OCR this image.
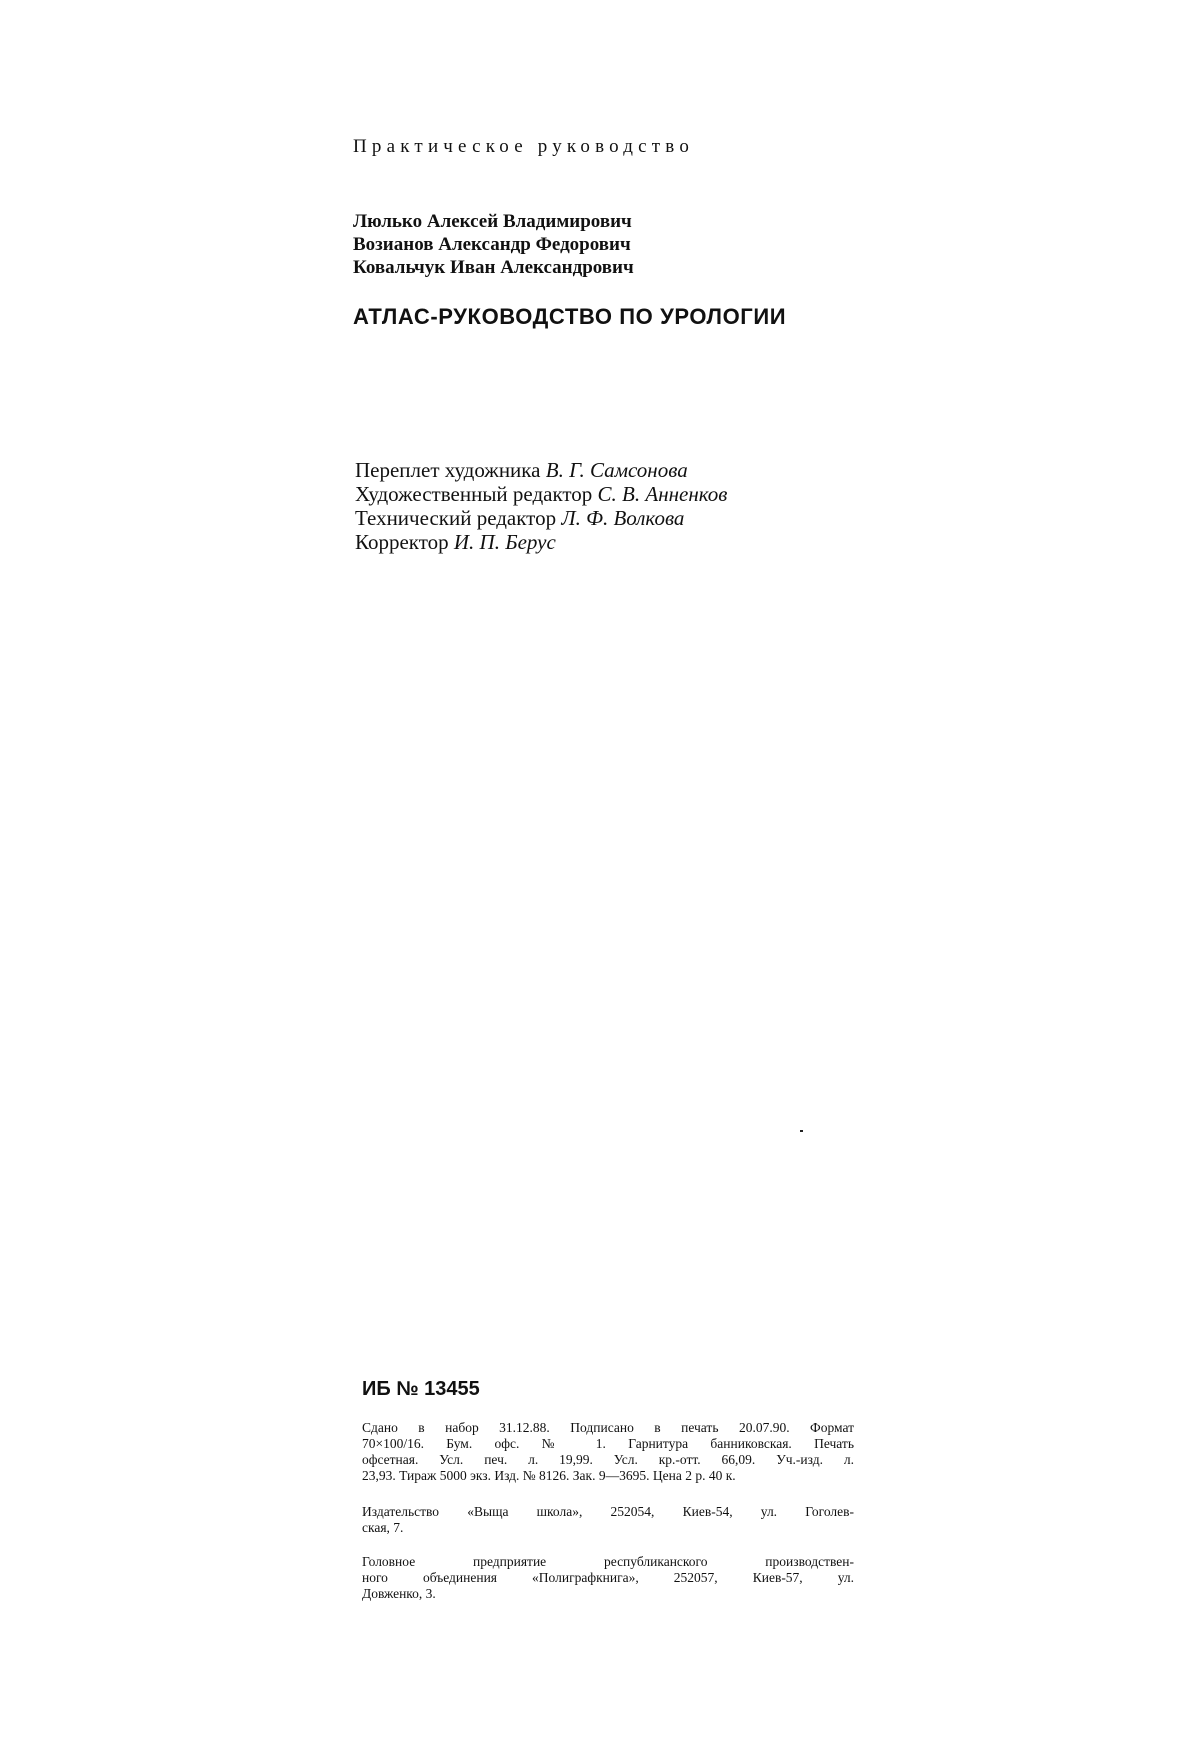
Практическое руководство
Люлько Алексей Владимирович
Возианов Александр Федорович
Ковальчук Иван Александрович
АТЛАС-РУКОВОДСТВО ПО УРОЛОГИИ
Переплет художника В. Г. Самсонова
Художественный редактор С. В. Анненков
Технический редактор Л. Ф. Волкова
Корректор И. П. Берус
ИБ № 13455
Сдано в набор 31.12.88. Подписано в печать 20.07.90. Формат
70×100/16. Бум. офс. № 1. Гарнитура банниковская. Печать
офсетная. Усл. печ. л. 19,99. Усл. кр.-отт. 66,09. Уч.-изд. л.
23,93. Тираж 5000 экз. Изд. № 8126. Зак. 9—3695. Цена 2 р. 40 к.
Издательство «Выща школа», 252054, Киев-54, ул. Гоголев-
ская, 7.
Головное предприятие республиканского производствен-
ного объединения «Полиграфкнига», 252057, Киев-57, ул.
Довженко, 3.
